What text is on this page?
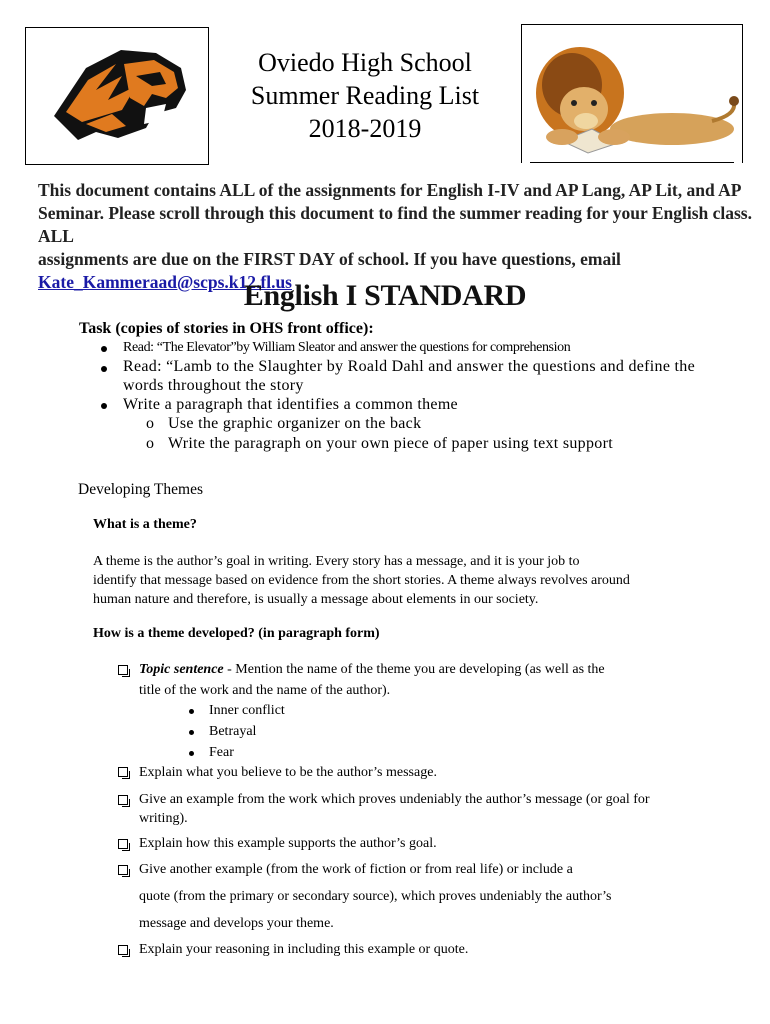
Oviedo High School
Summer Reading List
2018-2019
This document contains ALL of the assignments for English I-IV and AP Lang, AP Lit, and AP
Seminar. Please scroll through this document to find the summer reading for your English class. ALL
assignments are due on the FIRST DAY of school. If you have questions, email
Kate_Kammeraad@scps.k12.fl.us
English I STANDARD
Task (copies of stories in OHS front office):
Read: “The Elevator”by William Sleator and answer the questions for comprehension
Read: “Lamb to the Slaughter by Roald Dahl and answer the questions and define the
words throughout the story
Write a paragraph that identifies a common theme
o Use the graphic organizer on the back
o Write the paragraph on your own piece of paper using text support
Developing Themes
What is a theme?
A theme is the author’s goal in writing. Every story has a message, and it is your job to
identify that message based on evidence from the short stories. A theme always revolves around
human nature and therefore, is usually a message about elements in our society.
How is a theme developed? (in paragraph form)
Topic sentence - Mention the name of the theme you are developing (as well as the
title of the work and the name of the author).
Inner conflict
Betrayal
Fear
Explain what you believe to be the author’s message.
Give an example from the work which proves undeniably the author’s message (or goal for
writing).
Explain how this example supports the author’s goal.
Give another example (from the work of fiction or from real life) or include a
quote (from the primary or secondary source), which proves undeniably the author’s
message and develops your theme.
Explain your reasoning in including this example or quote.
